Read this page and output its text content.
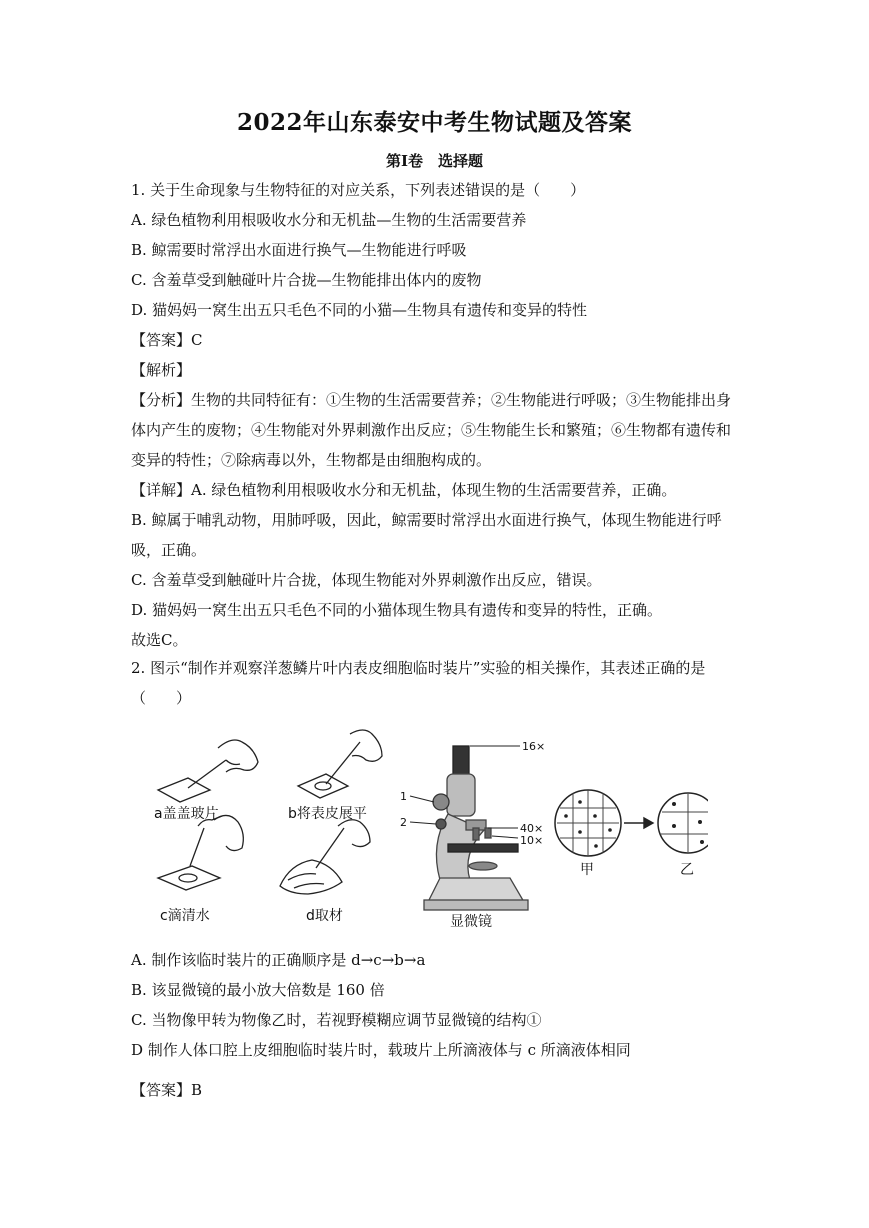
2022年山东泰安中考生物试题及答案
第Ⅰ卷　选择题
1. 关于生命现象与生物特征的对应关系，下列表述错误的是（　　）
A. 绿色植物利用根吸收水分和无机盐—生物的生活需要营养
B. 鲸需要时常浮出水面进行换气—生物能进行呼吸
C. 含羞草受到触碰叶片合拢—生物能排出体内的废物
D. 猫妈妈一窝生出五只毛色不同的小猫—生物具有遗传和变异的特性
【答案】C
【解析】
【分析】生物的共同特征有：①生物的生活需要营养；②生物能进行呼吸；③生物能排出身
体内产生的废物；④生物能对外界刺激作出反应；⑤生物能生长和繁殖；⑥生物都有遗传和
变异的特性；⑦除病毒以外，生物都是由细胞构成的。
【详解】A. 绿色植物利用根吸收水分和无机盐，体现生物的生活需要营养，正确。
B. 鲸属于哺乳动物，用肺呼吸，因此，鲸需要时常浮出水面进行换气，体现生物能进行呼
吸，正确。
C. 含羞草受到触碰叶片合拢，体现生物能对外界刺激作出反应，错误。
D. 猫妈妈一窝生出五只毛色不同的小猫体现生物具有遗传和变异的特性，正确。
故选C。
2. 图示“制作并观察洋葱鳞片叶内表皮细胞临时装片”实验的相关操作，其表述正确的是
（　　）
a盖盖玻片	b将表皮展平
c滴清水	d取材	显微镜
16×
40×
10×
1
2
甲	乙
A. 制作该临时装片的正确顺序是 d→c→b→a
B. 该显微镜的最小放大倍数是 160 倍
C. 当物像甲转为物像乙时，若视野模糊应调节显微镜的结构①
D 制作人体口腔上皮细胞临时装片时，载玻片上所滴液体与 c 所滴液体相同
【答案】B
